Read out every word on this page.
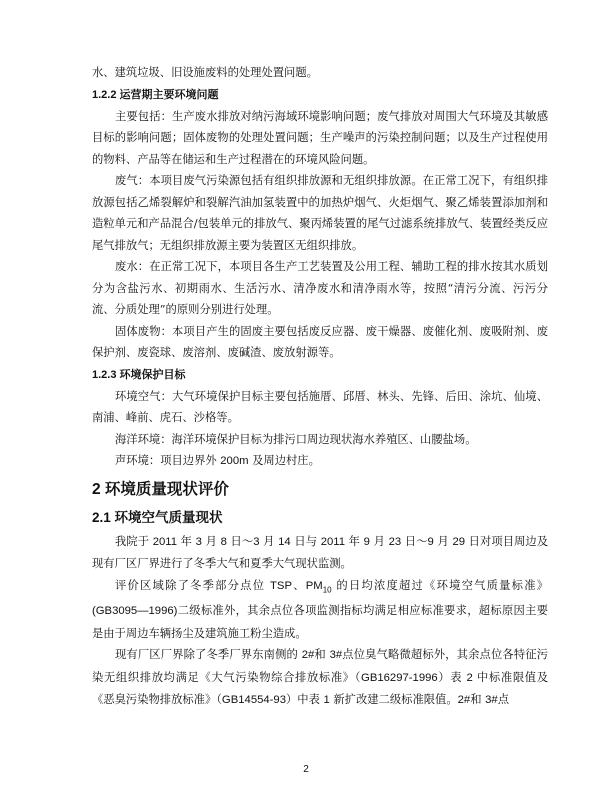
水、建筑垃圾、旧设施废料的处理处置问题。

1.2.2 运营期主要环境问题

主要包括：生产废水排放对纳污海域环境影响问题；废气排放对周围大气环境及其敏感目标的影响问题；固体废物的处理处置问题；生产噪声的污染控制问题；以及生产过程使用的物料、产品等在储运和生产过程潜在的环境风险问题。

废气：本项目废气污染源包括有组织排放源和无组织排放源。在正常工况下，有组织排放源包括乙烯裂解炉和裂解汽油加氢装置中的加热炉烟气、火炬烟气、聚乙烯装置添加剂和造粒单元和产品混合/包装单元的排放气、聚丙烯装置的尾气过滤系统排放气、装置经类反应尾气排放气；无组织排放源主要为装置区无组织排放。

废水：在正常工况下，本项目各生产工艺装置及公用工程、辅助工程的排水按其水质划分为含盐污水、初期雨水、生活污水、清净废水和清净雨水等，按照“清污分流、污污分流、分质处理”的原则分别进行处理。

固体废物：本项目产生的固废主要包括废反应器、废干燥器、废催化剂、废吸附剂、废保护剂、废瓷球、废溶剂、废碱渣、废放射源等。

1.2.3 环境保护目标

环境空气：大气环境保护目标主要包括施厝、邱厝、林头、先锋、后田、涂坑、仙境、南浦、峰前、虎石、沙格等。

海洋环境：海洋环境保护目标为排污口周边现状海水养殖区、山腰盐场。

声环境：项目边界外 200m 及周边村庄。

2 环境质量现状评价
2.1 环境空气质量现状

我院于 2011 年 3 月 8 日～3 月 14 日与 2011 年 9 月 23 日～9 月 29 日对项目周边及现有厂区厂界进行了冬季大气和夏季大气现状监测。

评价区域除了冬季部分点位 TSP、$PM_{10}$ 的日均浓度超过《环境空气质量标准》(GB3095—1996)二级标准外，其余点位各项监测指标均满足相应标准要求，超标原因主要是由于周边车辆扬尘及建筑施工粉尘造成。

现有厂区厂界除了冬季厂界东南侧的 2#和 3#点位臭气略微超标外，其余点位各特征污染无组织排放均满足《大气污染物综合排放标准》（GB16297-1996）表 2 中标准限值及《恶臭污染物排放标准》（GB14554-93）中表 1 新扩改建二级标准限值。2#和 3#点

2
